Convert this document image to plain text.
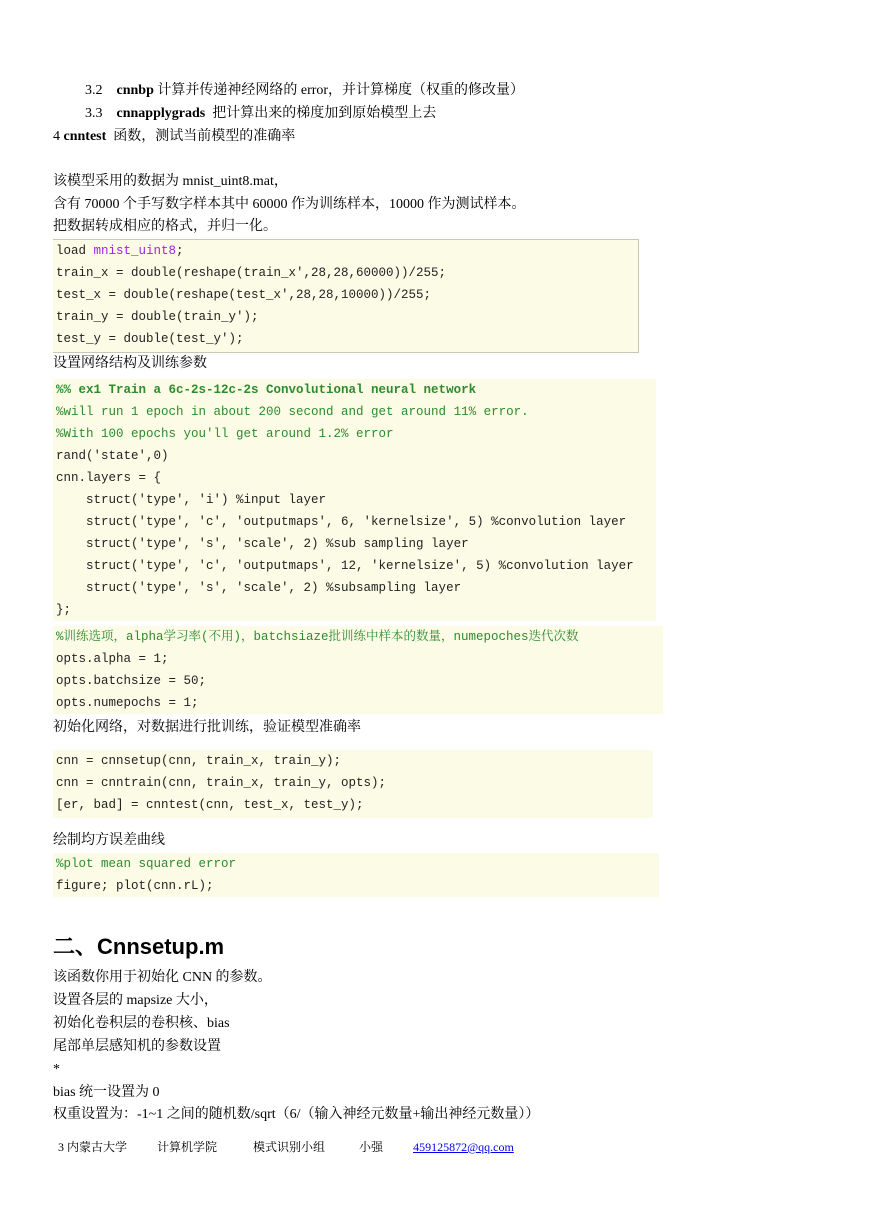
3.2 cnnbp 计算并传递神经网络的 error，并计算梯度（权重的修改量）
3.3 cnnapplygrads 把计算出来的梯度加到原始模型上去
4 cnntest 函数，测试当前模型的准确率
该模型采用的数据为 mnist_uint8.mat，
含有 70000 个手写数字样本其中 60000 作为训练样本，10000 作为测试样本。
把数据转成相应的格式，并归一化。
load mnist_uint8;
train_x = double(reshape(train_x',28,28,60000))/255;
test_x = double(reshape(test_x',28,28,10000))/255;
train_y = double(train_y');
test_y = double(test_y');
设置网络结构及训练参数
%% ex1 Train a 6c-2s-12c-2s Convolutional neural network
%will run 1 epoch in about 200 second and get around 11% error.
%With 100 epochs you'll get around 1.2% error
rand('state',0)
cnn.layers = {
struct('type', 'i') %input layer
struct('type', 'c', 'outputmaps', 6, 'kernelsize', 5) %convolution layer
struct('type', 's', 'scale', 2) %sub sampling layer
struct('type', 'c', 'outputmaps', 12, 'kernelsize', 5) %convolution layer
struct('type', 's', 'scale', 2) %subsampling layer
};
%训练选项，alpha学习率(不用)，batchsiaze批训练中样本的数量，numepoches迭代次数
opts.alpha = 1;
opts.batchsize = 50;
opts.numepochs = 1;
初始化网络，对数据进行批训练，验证模型准确率
cnn = cnnsetup(cnn, train_x, train_y);
cnn = cnntrain(cnn, train_x, train_y, opts);
[er, bad] = cnntest(cnn, test_x, test_y);
绘制均方误差曲线
%plot mean squared error
figure; plot(cnn.rL);
二、Cnnsetup.m
该函数你用于初始化 CNN 的参数。
设置各层的 mapsize 大小，
初始化卷积层的卷积核、bias
尾部单层感知机的参数设置
*
bias 统一设置为 0
权重设置为：-1~1 之间的随机数/sqrt（6/（输入神经元数量+输出神经元数量））
3 内蒙古大学	计算机学院	模式识别小组	小强	459125872@qq.com
